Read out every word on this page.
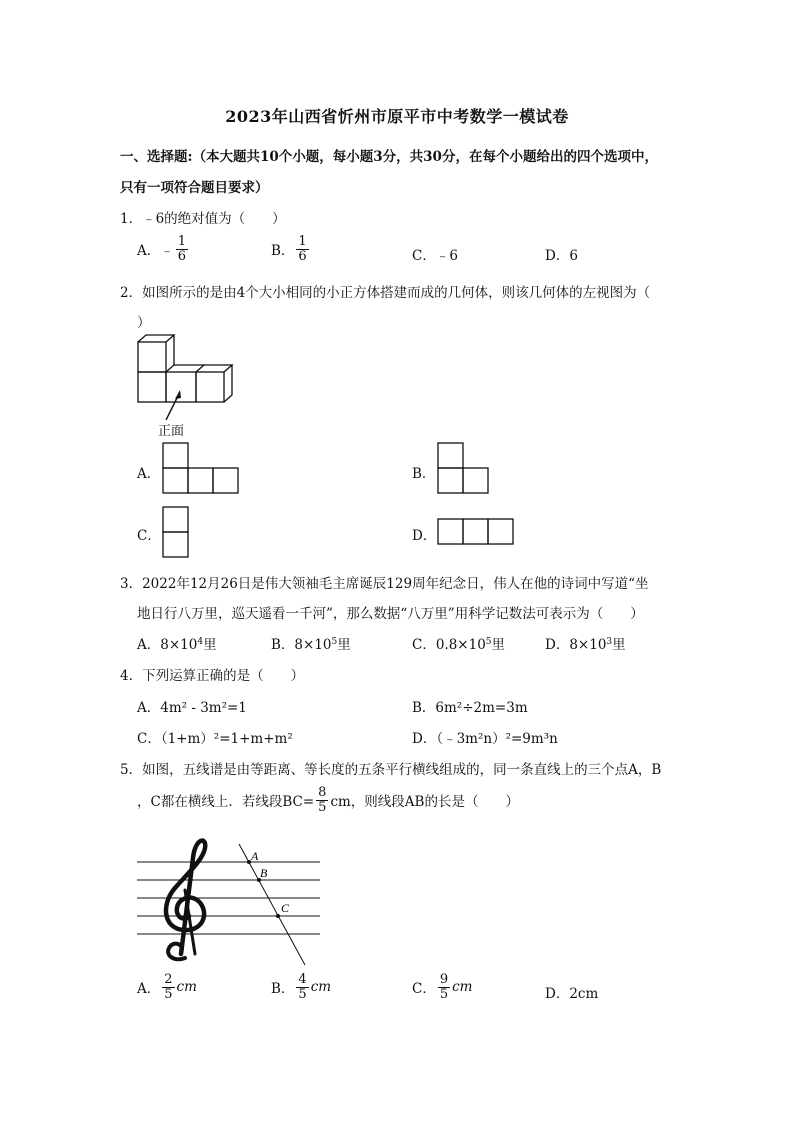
2023年山西省忻州市原平市中考数学一模试卷
一、选择题:（本大题共10个小题，每小题3分，共30分，在每个小题给出的四个选项中，
只有一项符合题目要求）
1．﹣6的绝对值为（　　）
A． ﹣ $\frac{1}{6}$	B． $\frac{1}{6}$	C．﹣6	D．6
2．如图所示的是由4个大小相同的小正方体搭建而成的几何体，则该几何体的左视图为（
）
正面
A．	B．
C．	D．
3．2022年12月26日是伟大领袖毛主席诞辰129周年纪念日，伟人在他的诗词中写道“坐
地日行八万里，巡天遥看一千河”，那么数据“八万里”用科学记数法可表示为（　　）
A．$8\times 10^4$里	B．$8\times 10^5$里	C．$0.8\times 10^5$里	D．$8\times 10^3$里
4．下列运算正确的是（　　）
A．4m² - 3m²=1	B．6m²÷2m=3m
C．（1+m）²=1+m+m²	D．（﹣3m²n）²=9m³n
5．如图，五线谱是由等距离、等长度的五条平行横线组成的，同一条直线上的三个点A，B
，C都在横线上．若线段$BC= \frac{8}{5}$ cm，则线段AB的长是（　　）
A
B
C
A． $\frac{2}{5}$ cm	B． $\frac{4}{5}$ cm	C． $\frac{9}{5}$ cm	D．2cm
